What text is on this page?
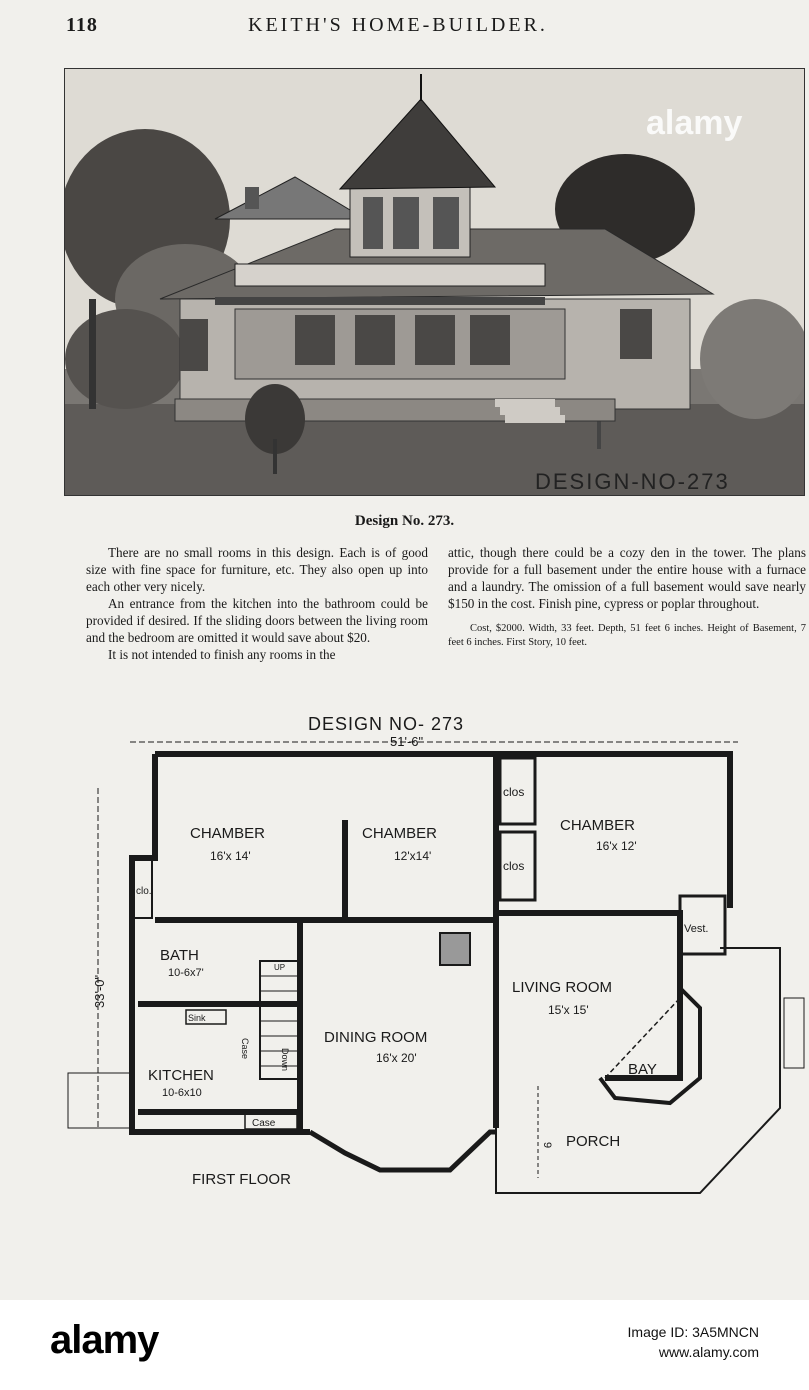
118	KEITH'S HOME-BUILDER.
DESIGN-NO-273
alamy
Design No. 273.

There are no small rooms in this design. Each is of good size with fine space for furniture, etc. They also open up into each other very nicely.

An entrance from the kitchen into the bathroom could be provided if desired. If the sliding doors between the living room and the bedroom are omitted it would save about $20.

It is not intended to finish any rooms in the

attic, though there could be a cozy den in the tower. The plans provide for a full basement under the entire house with a furnace and a laundry. The omission of a full basement would save nearly $150 in the cost. Finish pine, cypress or poplar throughout.

Cost, $2000. Width, 33 feet. Depth, 51 feet 6 inches. Height of Basement, 7 feet 6 inches. First Story, 10 feet.

DESIGN NO- 273
51'-6"
33'-0"
CHAMBER
16'x 14'
CHAMBER
12'x14'
CHAMBER
16'x 12'
clos
clos
clo.
BATH
10-6x7'
KITCHEN
10-6x10
DINING ROOM
16'x 20'
LIVING ROOM
15'x 15'
BAY
PORCH
Vest.
Sink
Case
UP
Case	Down
9
FIRST FLOOR
alamy	Image ID: 3A5MNCN
www.alamy.com
